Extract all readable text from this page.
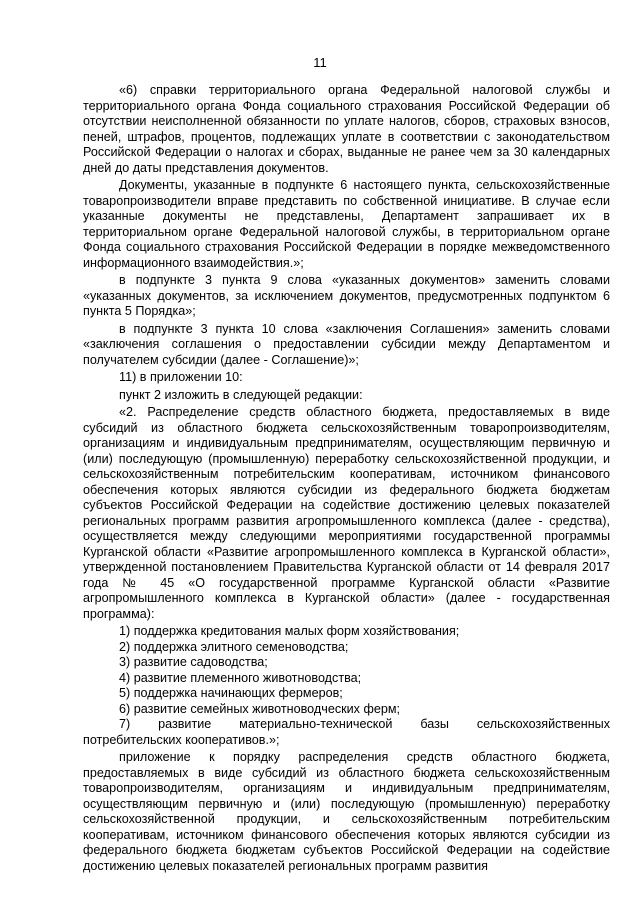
11

«6) справки территориального органа Федеральной налоговой службы и территориального органа Фонда социального страхования Российской Федерации об отсутствии неисполненной обязанности по уплате налогов, сборов, страховых взносов, пеней, штрафов, процентов, подлежащих уплате в соответствии с законодательством Российской Федерации о налогах и сборах, выданные не ранее чем за 30 календарных дней до даты представления документов.

Документы, указанные в подпункте 6 настоящего пункта, сельскохозяйственные товаропроизводители вправе представить по собственной инициативе. В случае если указанные документы не представлены, Департамент запрашивает их в территориальном органе Федеральной налоговой службы, в территориальном органе Фонда социального страхования Российской Федерации в порядке межведомственного информационного взаимодействия.»;

в подпункте 3 пункта 9 слова «указанных документов» заменить словами «указанных документов, за исключением документов, предусмотренных подпунктом 6 пункта 5 Порядка»;

в подпункте 3 пункта 10 слова «заключения Соглашения» заменить словами «заключения соглашения о предоставлении субсидии между Департаментом и получателем субсидии (далее - Соглашение)»;

11) в приложении 10:

пункт 2 изложить в следующей редакции:

«2. Распределение средств областного бюджета, предоставляемых в виде субсидий из областного бюджета сельскохозяйственным товаропроизводителям, организациям и индивидуальным предпринимателям, осуществляющим первичную и (или) последующую (промышленную) переработку сельскохозяйственной продукции, и сельскохозяйственным потребительским кооперативам, источником финансового обеспечения которых являются субсидии из федерального бюджета бюджетам субъектов Российской Федерации на содействие достижению целевых показателей региональных программ развития агропромышленного комплекса (далее - средства), осуществляется между следующими мероприятиями государственной программы Курганской области «Развитие агропромышленного комплекса в Курганской области», утвержденной постановлением Правительства Курганской области от 14 февраля 2017 года № 45 «О государственной программе Курганской области «Развитие агропромышленного комплекса в Курганской области» (далее - государственная программа):

1) поддержка кредитования малых форм хозяйствования;

2) поддержка элитного семеноводства;

3) развитие садоводства;

4) развитие племенного животноводства;

5) поддержка начинающих фермеров;

6) развитие семейных животноводческих ферм;

7) развитие материально-технической базы сельскохозяйственных потребительских кооперативов.»;

приложение к порядку распределения средств областного бюджета, предоставляемых в виде субсидий из областного бюджета сельскохозяйственным товаропроизводителям, организациям и индивидуальным предпринимателям, осуществляющим первичную и (или) последующую (промышленную) переработку сельскохозяйственной продукции, и сельскохозяйственным потребительским кооперативам, источником финансового обеспечения которых являются субсидии из федерального бюджета бюджетам субъектов Российской Федерации на содействие достижению целевых показателей региональных программ развития
